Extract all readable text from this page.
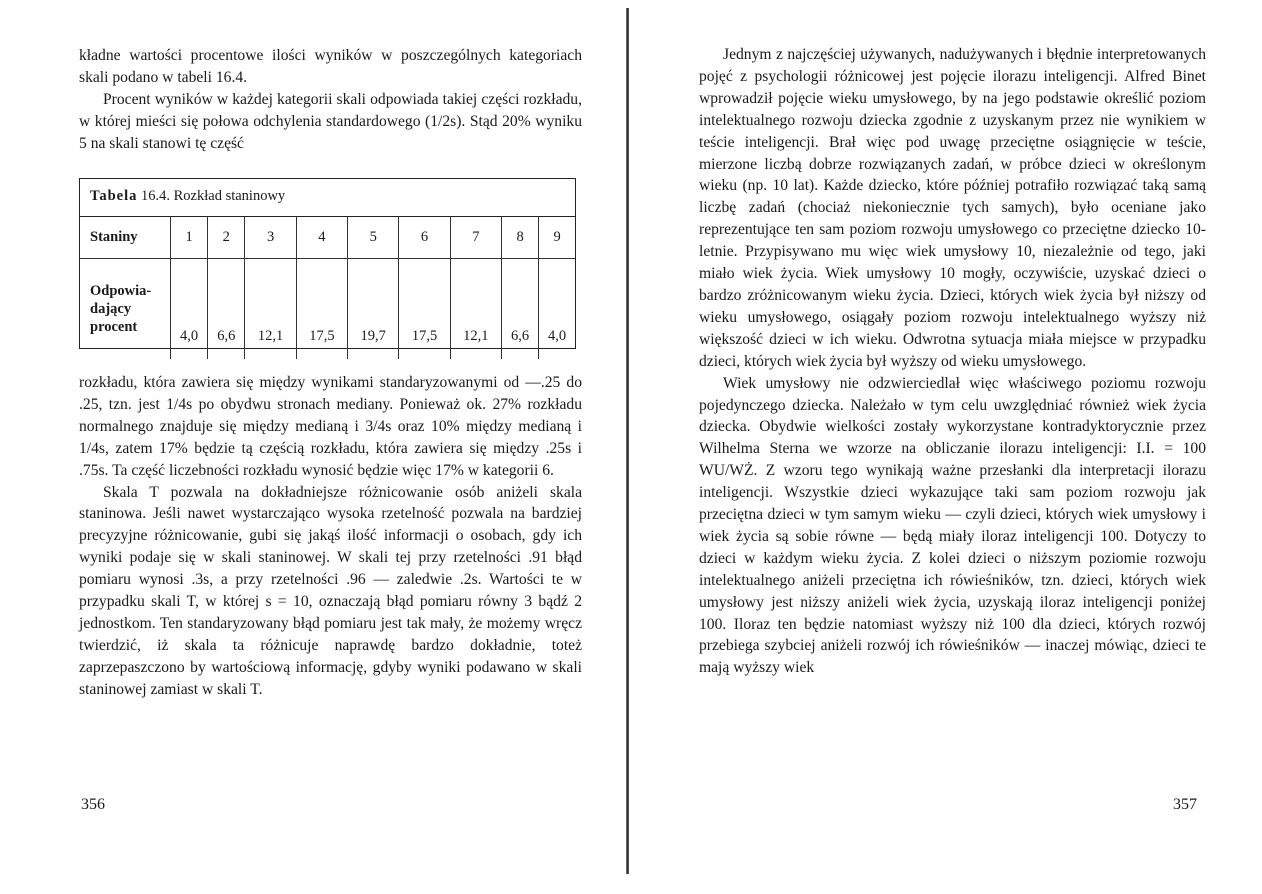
kładne wartości procentowe ilości wyników w poszczególnych kategoriach skali podano w tabeli 16.4.

Procent wyników w każdej kategorii skali odpowiada takiej części rozkładu, w której mieści się połowa odchylenia standardowego (1/2s). Stąd 20% wyniku 5 na skali stanowi tę część

Tabela 16.4. Rozkład staninowy
Staniny	1	2	3	4	5	6	7	8	9
Odpowia-dający procent	4,0	6,6	12,1	17,5	19,7	17,5	12,1	6,6	4,0

rozkładu, która zawiera się między wynikami standaryzowanymi od —.25 do .25, tzn. jest 1/4s po obydwu stronach mediany. Ponieważ ok. 27% rozkładu normalnego znajduje się między medianą i 3/4s oraz 10% między medianą i 1/4s, zatem 17% będzie tą częścią rozkładu, która zawiera się między .25s i .75s. Ta część liczebności rozkładu wynosić będzie więc 17% w kategorii 6.

Skala T pozwala na dokładniejsze różnicowanie osób aniżeli skala staninowa. Jeśli nawet wystarczająco wysoka rzetelność pozwala na bardziej precyzyjne różnicowanie, gubi się jakąś ilość informacji o osobach, gdy ich wyniki podaje się w skali staninowej. W skali tej przy rzetelności .91 błąd pomiaru wynosi .3s, a przy rzetelności .96 — zaledwie .2s. Wartości te w przypadku skali T, w której s = 10, oznaczają błąd pomiaru równy 3 bądź 2 jednostkom. Ten standaryzowany błąd pomiaru jest tak mały, że możemy wręcz twierdzić, iż skala ta różnicuje naprawdę bardzo dokładnie, toteż zaprzepaszczono by wartościową informację, gdyby wyniki podawano w skali staninowej zamiast w skali T.

356

Jednym z najczęściej używanych, nadużywanych i błędnie interpretowanych pojęć z psychologii różnicowej jest pojęcie ilorazu inteligencji. Alfred Binet wprowadził pojęcie wieku umysłowego, by na jego podstawie określić poziom intelektualnego rozwoju dziecka zgodnie z uzyskanym przez nie wynikiem w teście inteligencji. Brał więc pod uwagę przeciętne osiągnięcie w teście, mierzone liczbą dobrze rozwiązanych zadań, w próbce dzieci w określonym wieku (np. 10 lat). Każde dziecko, które później potrafiło rozwiązać taką samą liczbę zadań (chociaż niekoniecznie tych samych), było oceniane jako reprezentujące ten sam poziom rozwoju umysłowego co przeciętne dziecko 10-letnie. Przypisywano mu więc wiek umysłowy 10, niezależnie od tego, jaki miało wiek życia. Wiek umysłowy 10 mogły, oczywiście, uzyskać dzieci o bardzo zróżnicowanym wieku życia. Dzieci, których wiek życia był niższy od wieku umysłowego, osiągały poziom rozwoju intelektualnego wyższy niż większość dzieci w ich wieku. Odwrotna sytuacja miała miejsce w przypadku dzieci, których wiek życia był wyższy od wieku umysłowego.

Wiek umysłowy nie odzwierciedlał więc właściwego poziomu rozwoju pojedynczego dziecka. Należało w tym celu uwzględniać również wiek życia dziecka. Obydwie wielkości zostały wykorzystane kontradyktorycznie przez Wilhelma Sterna we wzorze na obliczanie ilorazu inteligencji: I.I. = 100 WU/WŻ. Z wzoru tego wynikają ważne przesłanki dla interpretacji ilorazu inteligencji. Wszystkie dzieci wykazujące taki sam poziom rozwoju jak przeciętna dzieci w tym samym wieku — czyli dzieci, których wiek umysłowy i wiek życia są sobie równe — będą miały iloraz inteligencji 100. Dotyczy to dzieci w każdym wieku życia. Z kolei dzieci o niższym poziomie rozwoju intelektualnego aniżeli przeciętna ich rówieśników, tzn. dzieci, których wiek umysłowy jest niższy aniżeli wiek życia, uzyskają iloraz inteligencji poniżej 100. Iloraz ten będzie natomiast wyższy niż 100 dla dzieci, których rozwój przebiega szybciej aniżeli rozwój ich rówieśników — inaczej mówiąc, dzieci te mają wyższy wiek

357
